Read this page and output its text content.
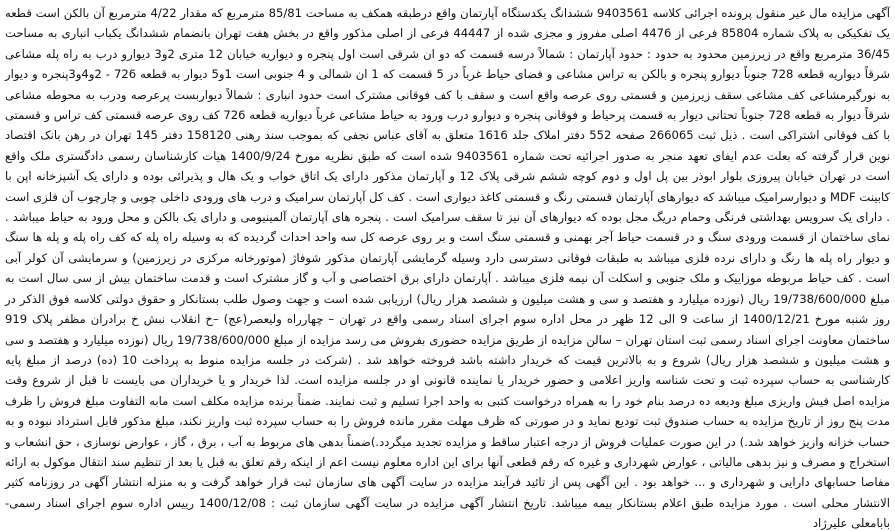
آگهی مزایده مال غیر منقول پرونده اجرائی کلاسه 9403561 ششدانگ یکدستگاه آپارتمان واقع درطبقه همکف به مساحت 85/81 مترمربع که مقدار 4/22 مترمربع آن بالکن است قطعه یک تفکیکی به پلاک شماره 85804 فرعی از 4476 اصلی مفروز و مجزی شده از 44447 فرعی از اصلی مذکور واقع در بخش هفت تهران بانضمام ششدانگ یکباب انباری به مساحت 36/45 مترمربع واقع در زیرزمین محدود به حدود : حدود آپارتمان : شمالاً درسه قسمت که دو ان شرقی است اول پنجره و دیواریه خیابان 12 متری 2و3 دیوارو درب به راه پله مشاعی شرقاً دیواریه قطعه 728 جنوباً دیوارو پنجره و بالکن به تراس مشاعی و فضای حیاط غرباً در 5 قسمت که 1 ان شمالی و 4 جنوبی است 1و5 دیوار به قطعه 726 - 2و4و3پنجره و دیوار به نورگیرمشاعی کف مشاعی سقف زیرزمین و قسمتی روی عرصه واقع است و سقف با کف فوقانی مشترک است حدود انباری : شمالاً دیواربست پرعرصه ودرب به محوطه مشاعی شرقاً دیوار به قطعه 728 جنوباً تحتانی دیوار به قسمت پرحیاط و فوقانی پنجره و دیوارو درب ورود به حیاط مشاعی غرباً دیواریه قطعه 726 کف روی عرصه قسمتی کف تراس و قسمتی با کف فوقانی اشتراکی است . ذیل ثبت 266065 صفحه 552 دفتر املاک جلد 1616 متعلق به آقای عباس نجفی که بموجب سند رهنی 158120 دفتر 145 تهران در رهن بانک اقتصاد نوین قرار گرفته که بعلت عدم ایفای تعهد منجر به صدور اجرائیه تحت شماره 9403561 شده است که طبق نظریه مورخ 1400/9/24 هیات کارشناسان رسمی دادگستری ملک واقع است در تهران خیابان پیروزی بلوار ابوذر بین پل اول و دوم کوچه ششم شرقی پلاک 12 و آپارتمان مذکور دارای یک اتاق خواب و یک هال و پذیرائی بوده و دارای یک آشپزخانه اپن با کابینت MDF و دیوارسرامیک میباشد که دیوارهای آپارتمان قسمتی رنگ و قسمتی کاغذ دیواری است . کف کل آپارتمان سرامیک و درب های ورودی داخلی چوبی و چارچوب آن فلزی است . دارای یک سرویس بهداشتی فرنگی وحمام دریگ مجل بوده که دیوارهای آن نیز تا سقف سرامیک است . پنجره های آپارتمان آلمینیومی و دارای یک بالکن و محل ورود به حیاط میباشد . نمای ساختمان از قسمت ورودی سنگ و در قسمت حیاط آجر بهمنی و قسمتی سنگ است و بر روی عرصه کل سه واحد احداث گردیده که به وسیله راه پله که کف راه پله و پله ها سنگ و دیوار راه پله ها رنگ و دارای نرده فلزی میباشد به طبقات فوقانی دسترسی دارد وسیله گرمایشی آپارتمان مذکور شوفاژ (موتورخانه مرکزی در زیرزمین) و سرمایشی آن کولر آبی است . کف حیاط مربوطه موزاییک و ملک جنوبی و اسکلت آن نیمه فلزی میباشد . آپارتمان دارای برق اختصاصی و آب و گاز مشترک است و قدمت ساختمان بیش از سی سال است به مبلغ 19/738/600/000 ریال (نوزده میلیارد و هفتصد و سی و هشت میلیون و ششصد هزار ریال) ارزیابی شده است و جهت وصول طلب بستانکار و حقوق دولتی کلاسه فوق الذکر در روز شنبه مورخ 1400/12/21 از ساعت 9 الی 12 ظهر در محل اداره سوم اجرای اسناد رسمی واقع در تهران – چهارراه ولیعصر(عج) –خ انقلاب نبش خ برادران مظفر پلاک 919 ساختمان معاونت اجرای اسناد رسمی ثبت استان تهران – سالن مزایده از طریق مزایده حضوری بفروش می رسد مزایده از مبلغ 19/738/600/000 ریال (نوزده میلیارد و هفتصد و سی و هشت میلیون و ششصد هزار ریال) شروع و به بالاترین قیمت که خریدار داشته باشد فروخته خواهد شد . (شرکت در جلسه مزایده منوط به پرداخت 10 (ده) درصد از مبلغ پایه کارشناسی به حساب سپرده ثبت و تحت شناسه واریز اعلامی و حضور خریدار یا نماینده قانونی او در جلسه مزایده است. لذا خریدار و یا خریداران می بایست تا قبل از شروع وقت مزایده اصل فیش واریزی مبلغ ودیعه ده درصد بنام خود را به همراه درخواست کتبی به واحد اجرا تسلیم و ثبت نمایند. ضمناً برنده مزایده مکلف است مابه التفاوت مبلغ فروش را ظرف مدت پنج روز از تاریخ مزایده به حساب صندوق ثبت تودیع نماید و در صورتی که ظرف مهلت مقرر مانده فروش را به حساب سپرده ثبت واریز نکند، مبلغ مذکور قابل استرداد نبوده و به حساب خزانه واریز خواهد شد.) در این صورت عملیات فروش از درجه اعتبار ساقط و مزایده تجدید میگردد.)ضمناً بدهی های مربوط به آب ، برق ، گاز ، عوارض نوسازی ، حق انشعاب و استخراج و مصرف و نیز بدهی مالیاتی ، عوارض شهرداری و غیره که رقم قطعی آنها برای این اداره معلوم نیست اعم از اینکه رقم تعلق به قبل یا بعد از تنظیم سند انتقال موکول به ارائه مفاصا حسابهای دارایی و شهرداری و ... خواهد بود . این آگهی پس از تائید فرآیند مزایده در سایت آگهی های سازمان ثبت قرار خواهد گرفت و به منزله انتشار آگهی در روزنامه کثیر الانتشار محلی است . مورد مزایده طبق اعلام بستانکار بیمه میباشد. تاریخ انتشار آگهی مزایده در سایت آگهی سازمان ثبت : 1400/12/08 رییس اداره سوم اجرای اسناد رسمی- بابامعلی علیرژاد
